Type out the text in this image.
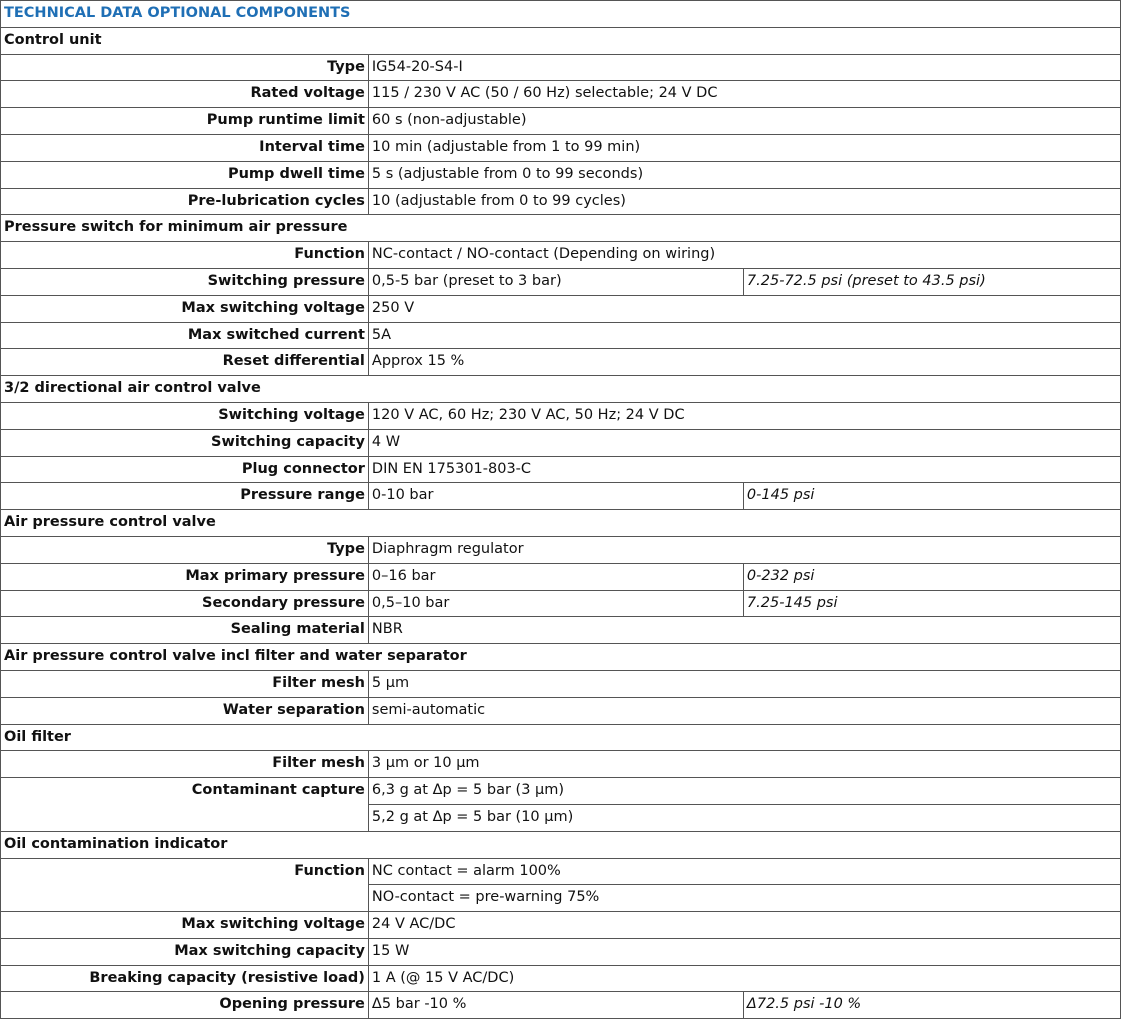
TECHNICAL DATA OPTIONAL COMPONENTS		
Control unit		
Type	IG54-20-S4-I	
Rated voltage	115 / 230 V AC (50 / 60 Hz) selectable; 24 V DC	
Pump runtime limit	60 s (non-adjustable)	
Interval time	10 min (adjustable from 1 to 99 min)	
Pump dwell time	5 s (adjustable from 0 to 99 seconds)	
Pre-lubrication cycles	10 (adjustable from 0 to 99 cycles)	
Pressure switch for minimum air pressure		
Function	NC-contact / NO-contact (Depending on wiring)	
Switching pressure	0,5-5 bar (preset to 3 bar)	7.25-72.5 psi (preset to 43.5 psi)
Max switching voltage	250 V	
Max switched current	5A	
Reset differential	Approx 15 %	
3/2 directional air control valve		
Switching voltage	120 V AC, 60 Hz; 230 V AC, 50 Hz; 24 V DC	
Switching capacity	4 W	
Plug connector	DIN EN 175301-803-C	
Pressure range	0-10 bar	0-145 psi
Air pressure control valve		
Type	Diaphragm regulator	
Max primary pressure	0–16 bar	0-232 psi
Secondary pressure	0,5–10 bar	7.25-145 psi
Sealing material	NBR	
Air pressure control valve incl filter and water separator		
Filter mesh	5 µm	
Water separation	semi-automatic	
Oil filter		
Filter mesh	3 µm or 10 µm	
Contaminant capture	6,3 g at Δp = 5 bar (3 µm)	
	5,2 g at Δp = 5 bar (10 µm)	
Oil contamination indicator		
Function	NC contact = alarm 100%	
	NO-contact = pre-warning 75%	
Max switching voltage	24 V AC/DC	
Max switching capacity	15 W	
Breaking capacity (resistive load)	1 A (@ 15 V AC/DC)	
Opening pressure	Δ5 bar -10 %	Δ72.5 psi -10 %
